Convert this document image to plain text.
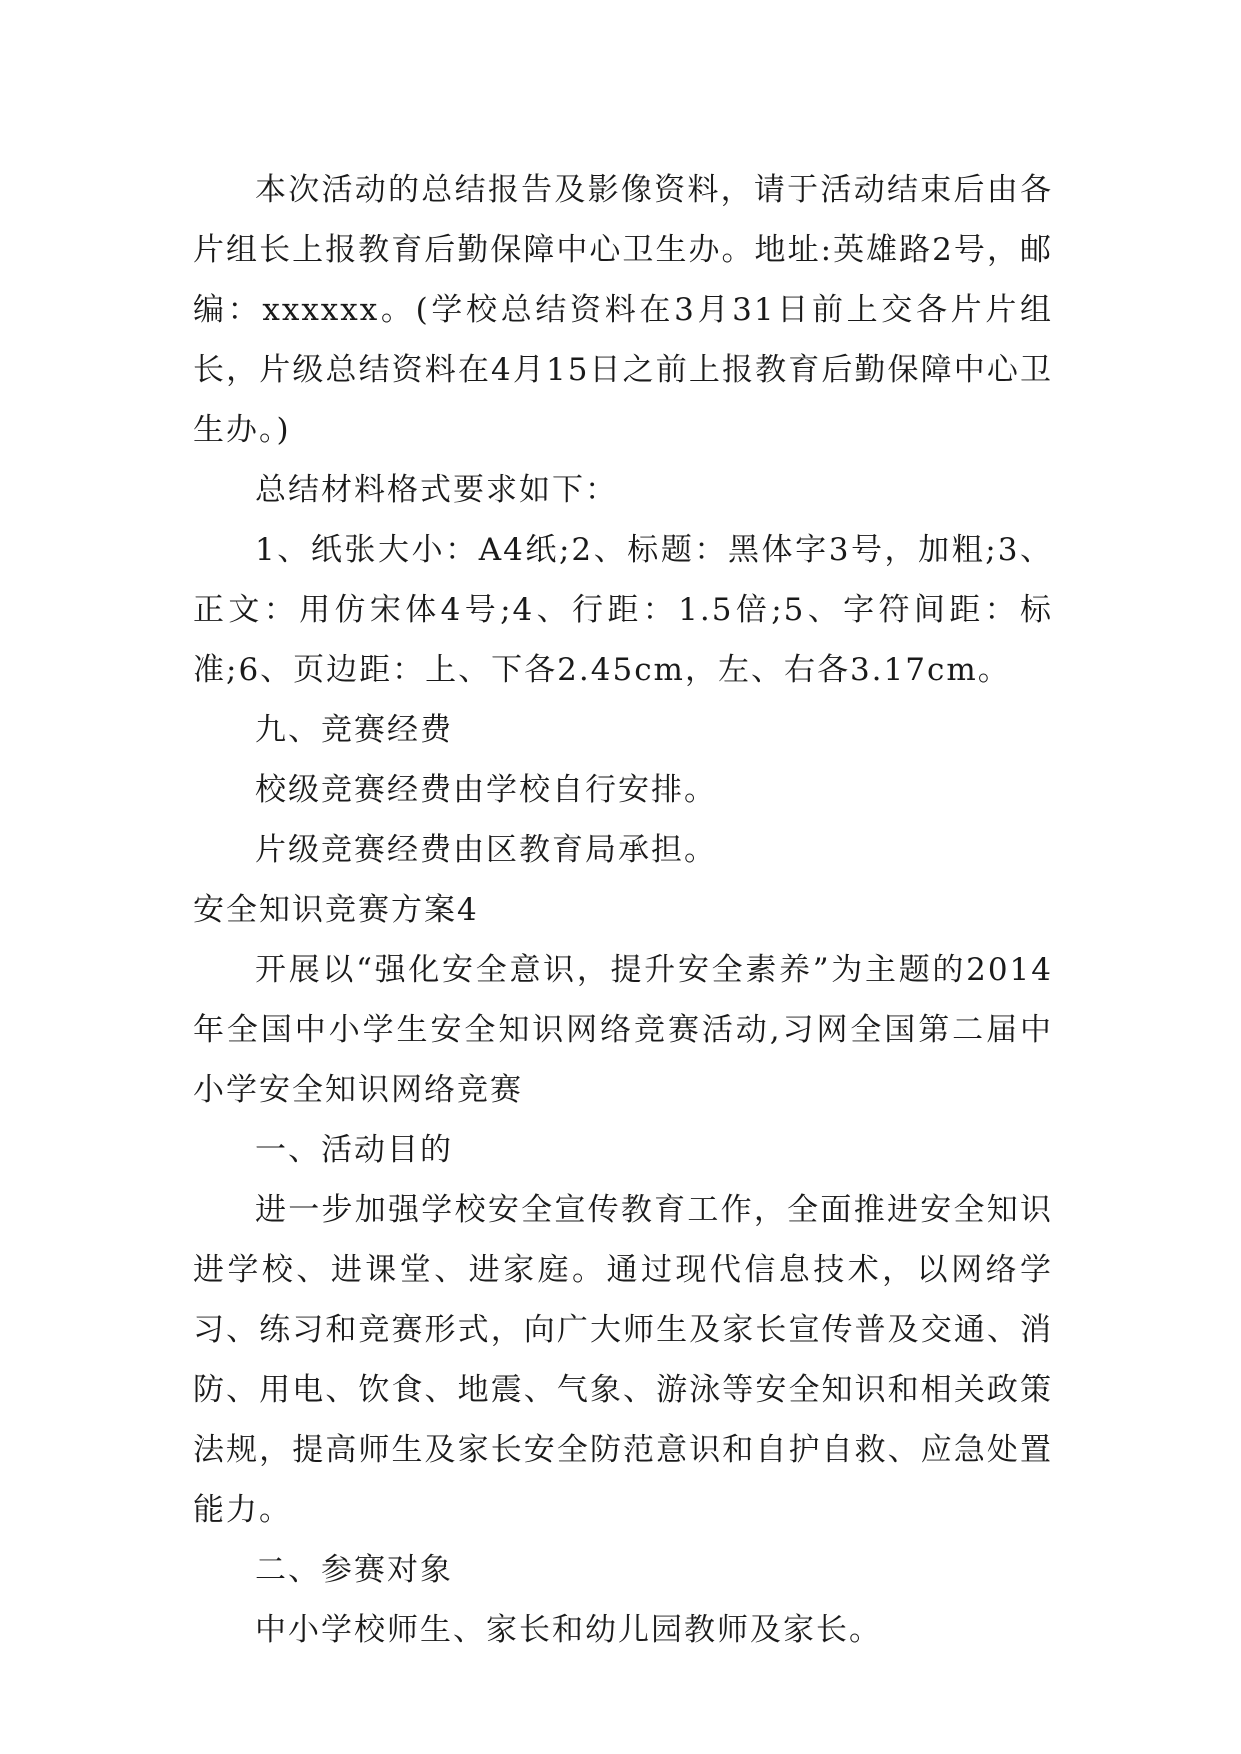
本次活动的总结报告及影像资料，请于活动结束后由各片组长上报教育后勤保障中心卫生办。地址:英雄路2号，邮编：xxxxxx。(学校总结资料在3月31日前上交各片片组长，片级总结资料在4月15日之前上报教育后勤保障中心卫生办。)

总结材料格式要求如下：

1、纸张大小：A4纸;2、标题：黑体字3号，加粗;3、正文：用仿宋体4号;4、行距：1.5倍;5、字符间距：标准;6、页边距：上、下各2.45cm，左、右各3.17cm。

九、竞赛经费

校级竞赛经费由学校自行安排。

片级竞赛经费由区教育局承担。

安全知识竞赛方案4

开展以“强化安全意识，提升安全素养”为主题的2014年全国中小学生安全知识网络竞赛活动,习网全国第二届中小学安全知识网络竞赛

一、活动目的

进一步加强学校安全宣传教育工作，全面推进安全知识进学校、进课堂、进家庭。通过现代信息技术，以网络学习、练习和竞赛形式，向广大师生及家长宣传普及交通、消防、用电、饮食、地震、气象、游泳等安全知识和相关政策法规，提高师生及家长安全防范意识和自护自救、应急处置能力。

二、参赛对象

中小学校师生、家长和幼儿园教师及家长。
